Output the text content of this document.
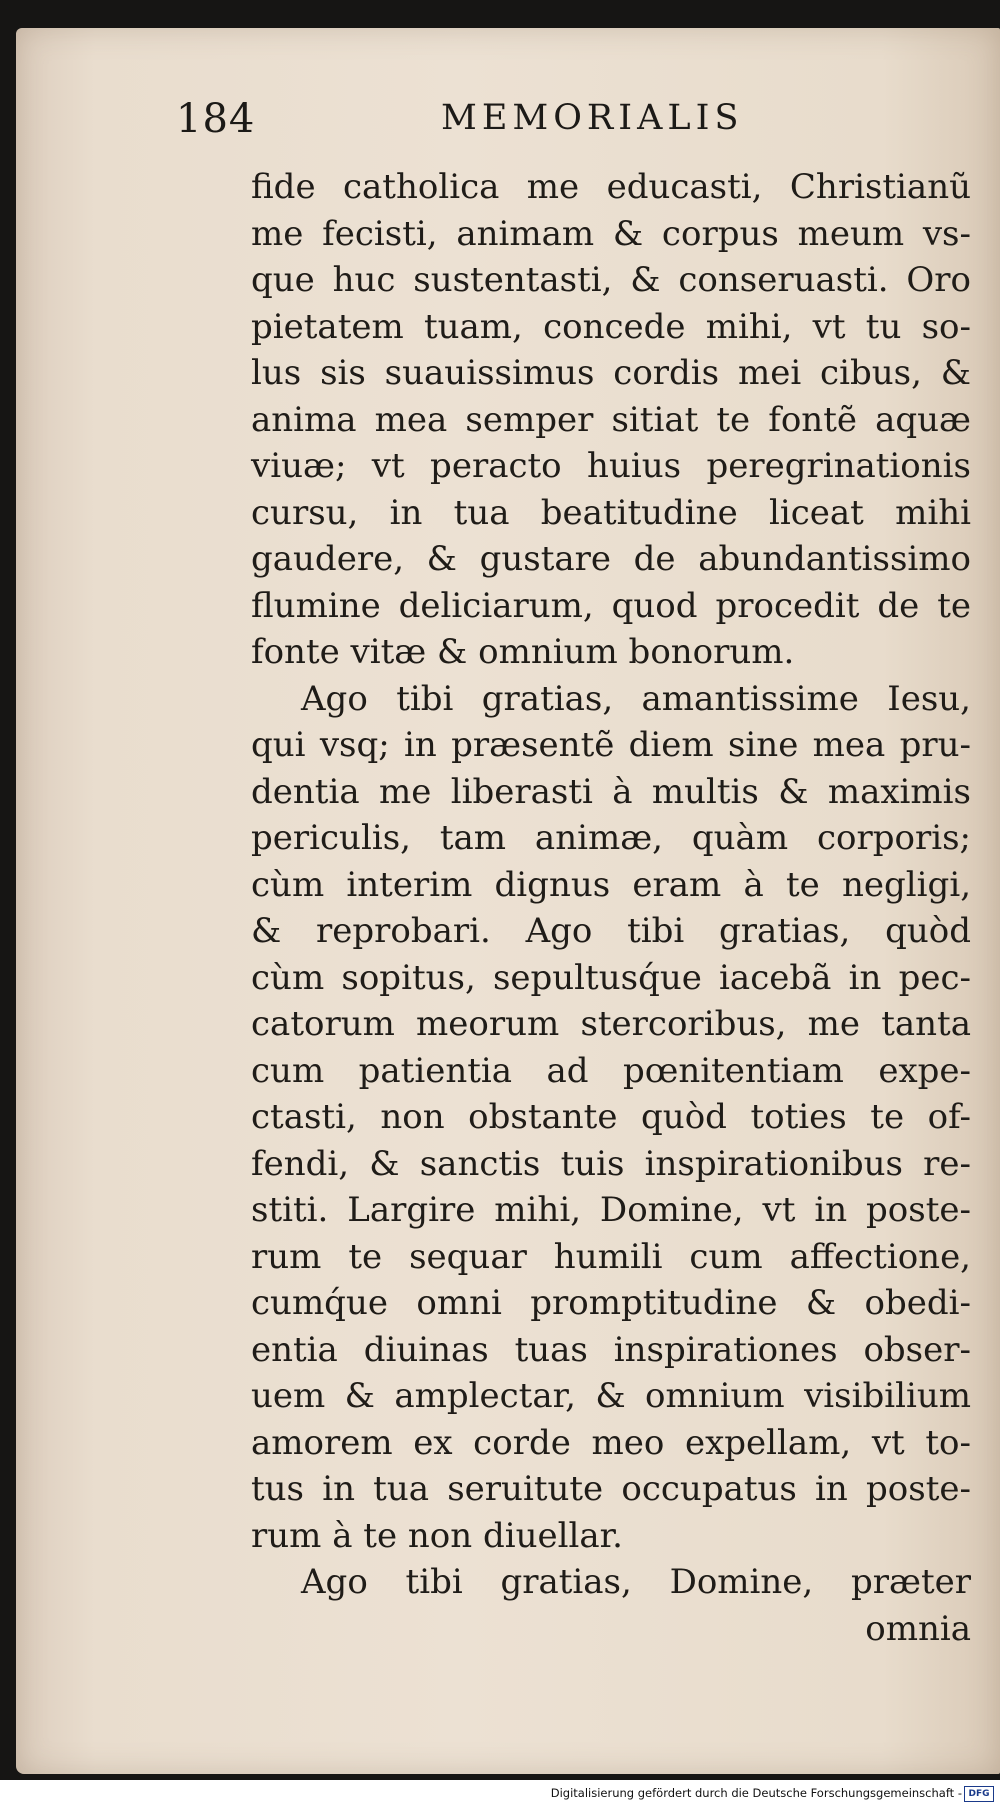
184	MEMORIALIS
fide catholica me educasti, Christianũ
me fecisti, animam & corpus meum vs-
que huc sustentasti, & conseruasti. Oro
pietatem tuam, concede mihi, vt tu so-
lus sis suauissimus cordis mei cibus, &
anima mea semper sitiat te fontẽ aquæ
viuæ; vt peracto huius peregrinationis
cursu, in tua beatitudine liceat mihi
gaudere, & gustare de abundantissimo
flumine deliciarum, quod procedit de te
fonte vitæ & omnium bonorum.
Ago tibi gratias, amantissime Iesu,
qui vsq; in præsentẽ diem sine mea pru-
dentia me liberasti à multis & maximis
periculis, tam animæ, quàm corporis;
cùm interim dignus eram à te negligi,
& reprobari. Ago tibi gratias, quòd
cùm sopitus, sepultusq́ue iacebã in pec-
catorum meorum stercoribus, me tanta
cum patientia ad pœnitentiam expe-
ctasti, non obstante quòd toties te of-
fendi, & sanctis tuis inspirationibus re-
stiti. Largire mihi, Domine, vt in poste-
rum te sequar humili cum affectione,
cumq́ue omni promptitudine & obedi-
entia diuinas tuas inspirationes obser-
uem & amplectar, & omnium visibilium
amorem ex corde meo expellam, vt to-
tus in tua seruitute occupatus in poste-
rum à te non diuellar.
Ago tibi gratias, Domine, præter
omnia
Digitalisierung gefördert durch die Deutsche Forschungsgemeinschaft - DFG
